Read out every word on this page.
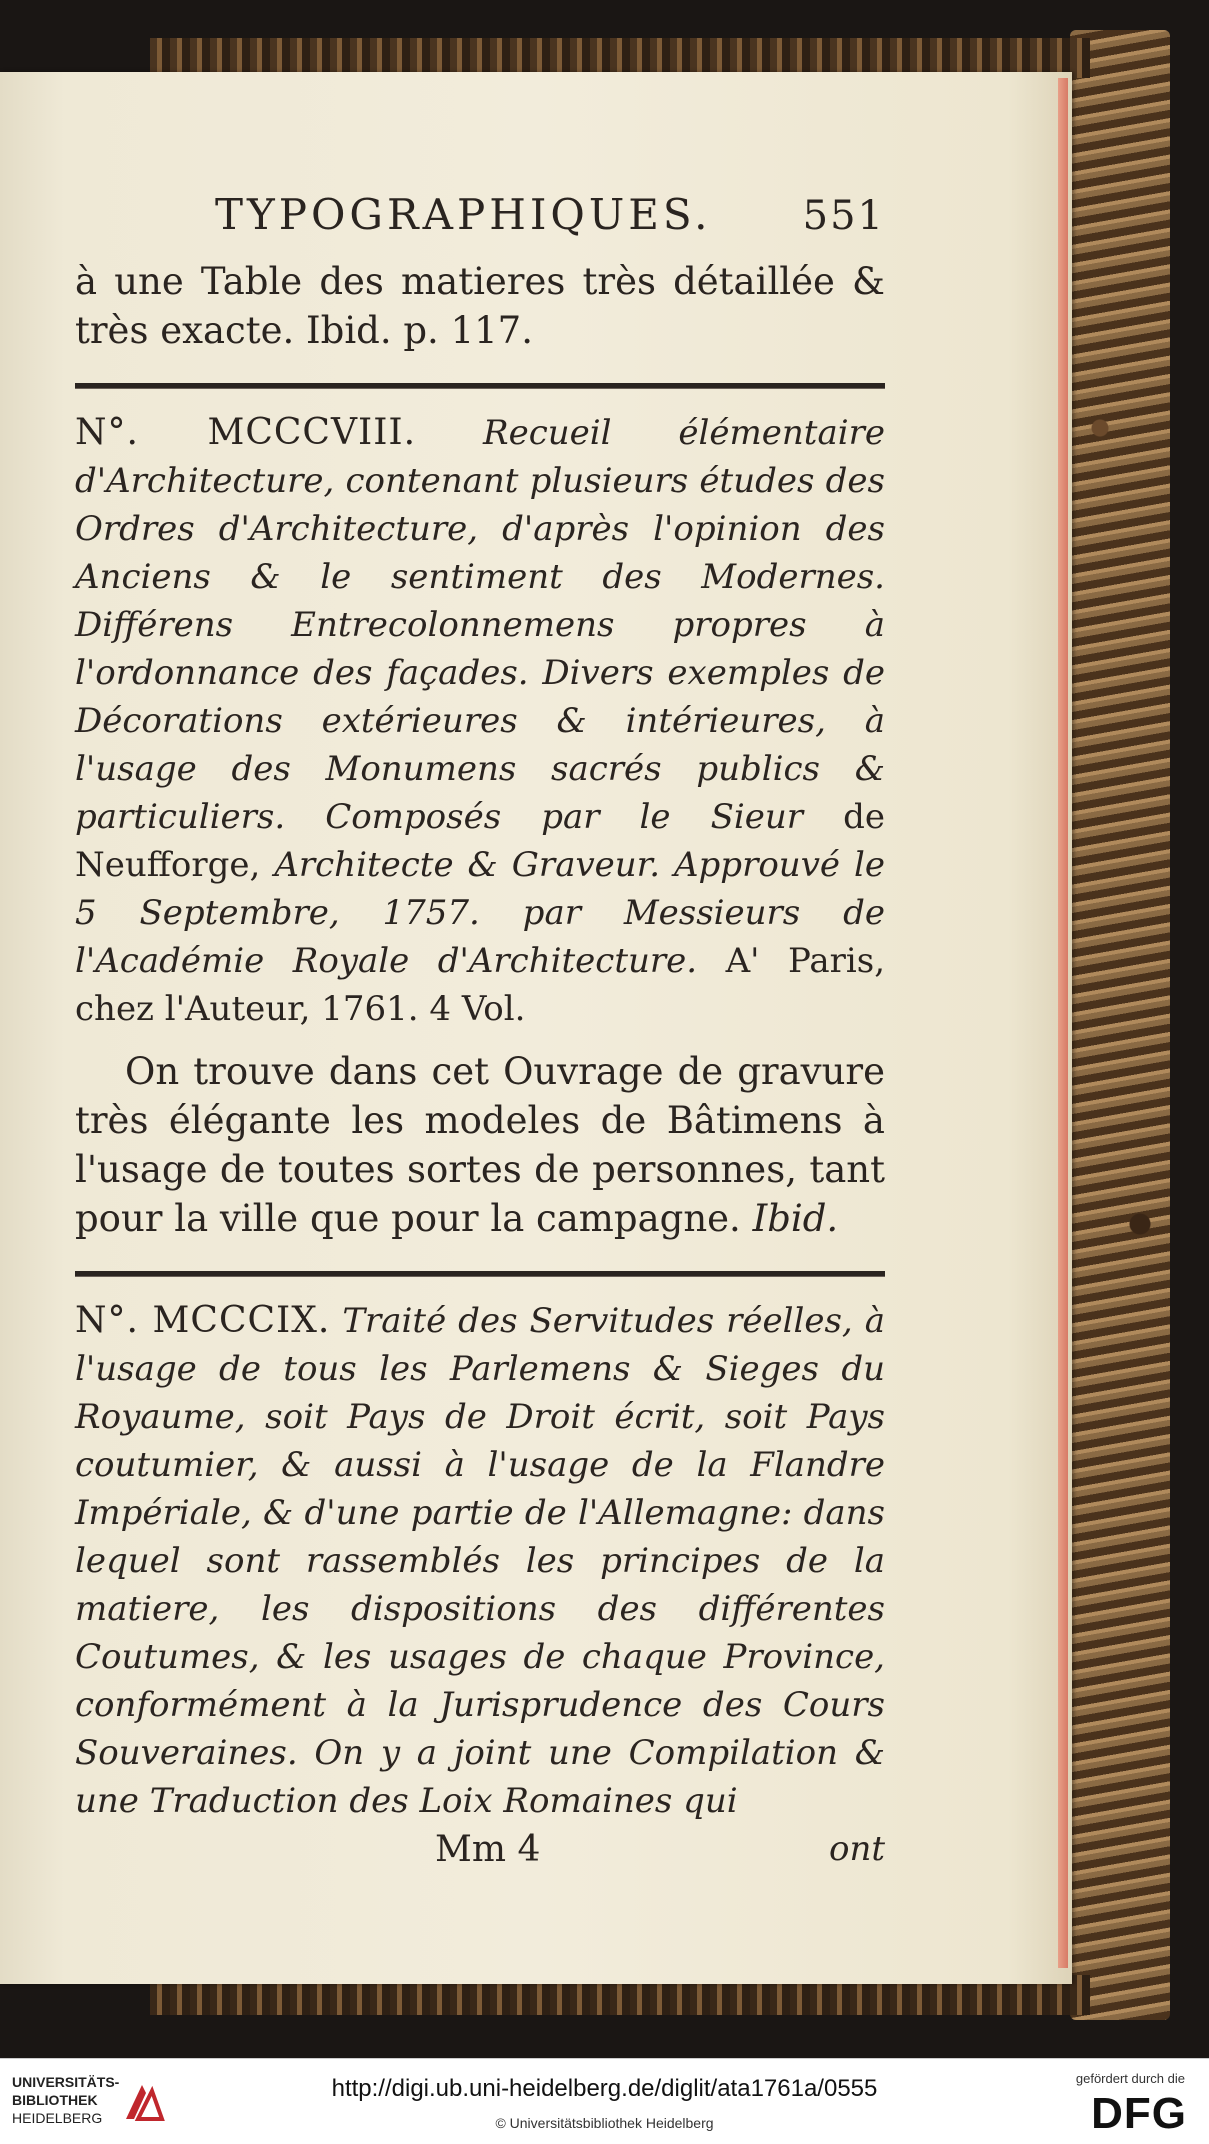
TYPOGRAPHIQUES. 551

à une Table des matieres très détaillée & très exacte. Ibid. p. 117.

N°. MCCCVIII. Recueil élémentaire d'Architecture, contenant plusieurs études des Ordres d'Architecture, d'après l'opinion des Anciens & le sentiment des Modernes. Différens Entrecolonnemens propres à l'ordonnance des façades. Divers exemples de Décorations extérieures & intérieures, à l'usage des Monumens sacrés publics & particuliers. Composés par le Sieur de Neufforge, Architecte & Graveur. Approuvé le 5 Septembre, 1757. par Messieurs de l'Académie Royale d'Architecture. A' Paris, chez l'Auteur, 1761. 4 Vol.

On trouve dans cet Ouvrage de gravure très élégante les modeles de Bâtimens à l'usage de toutes sortes de personnes, tant pour la ville que pour la campagne. Ibid.

N°. MCCCIX. Traité des Servitudes réelles, à l'usage de tous les Parlemens & Sieges du Royaume, soit Pays de Droit écrit, soit Pays coutumier, & aussi à l'usage de la Flandre Impériale, & d'une partie de l'Allemagne: dans lequel sont rassemblés les principes de la matiere, les dispositions des différentes Coutumes, & les usages de chaque Province, conformément à la Jurisprudence des Cours Souveraines. On y a joint une Compilation & une Traduction des Loix Romaines qui

Mm 4	ont
UNIVERSITÄTS-
BIBLIOTHEK
HEIDELBERG
http://digi.ub.uni-heidelberg.de/diglit/ata1761a/0555
© Universitätsbibliothek Heidelberg
gefördert durch die
DFG
